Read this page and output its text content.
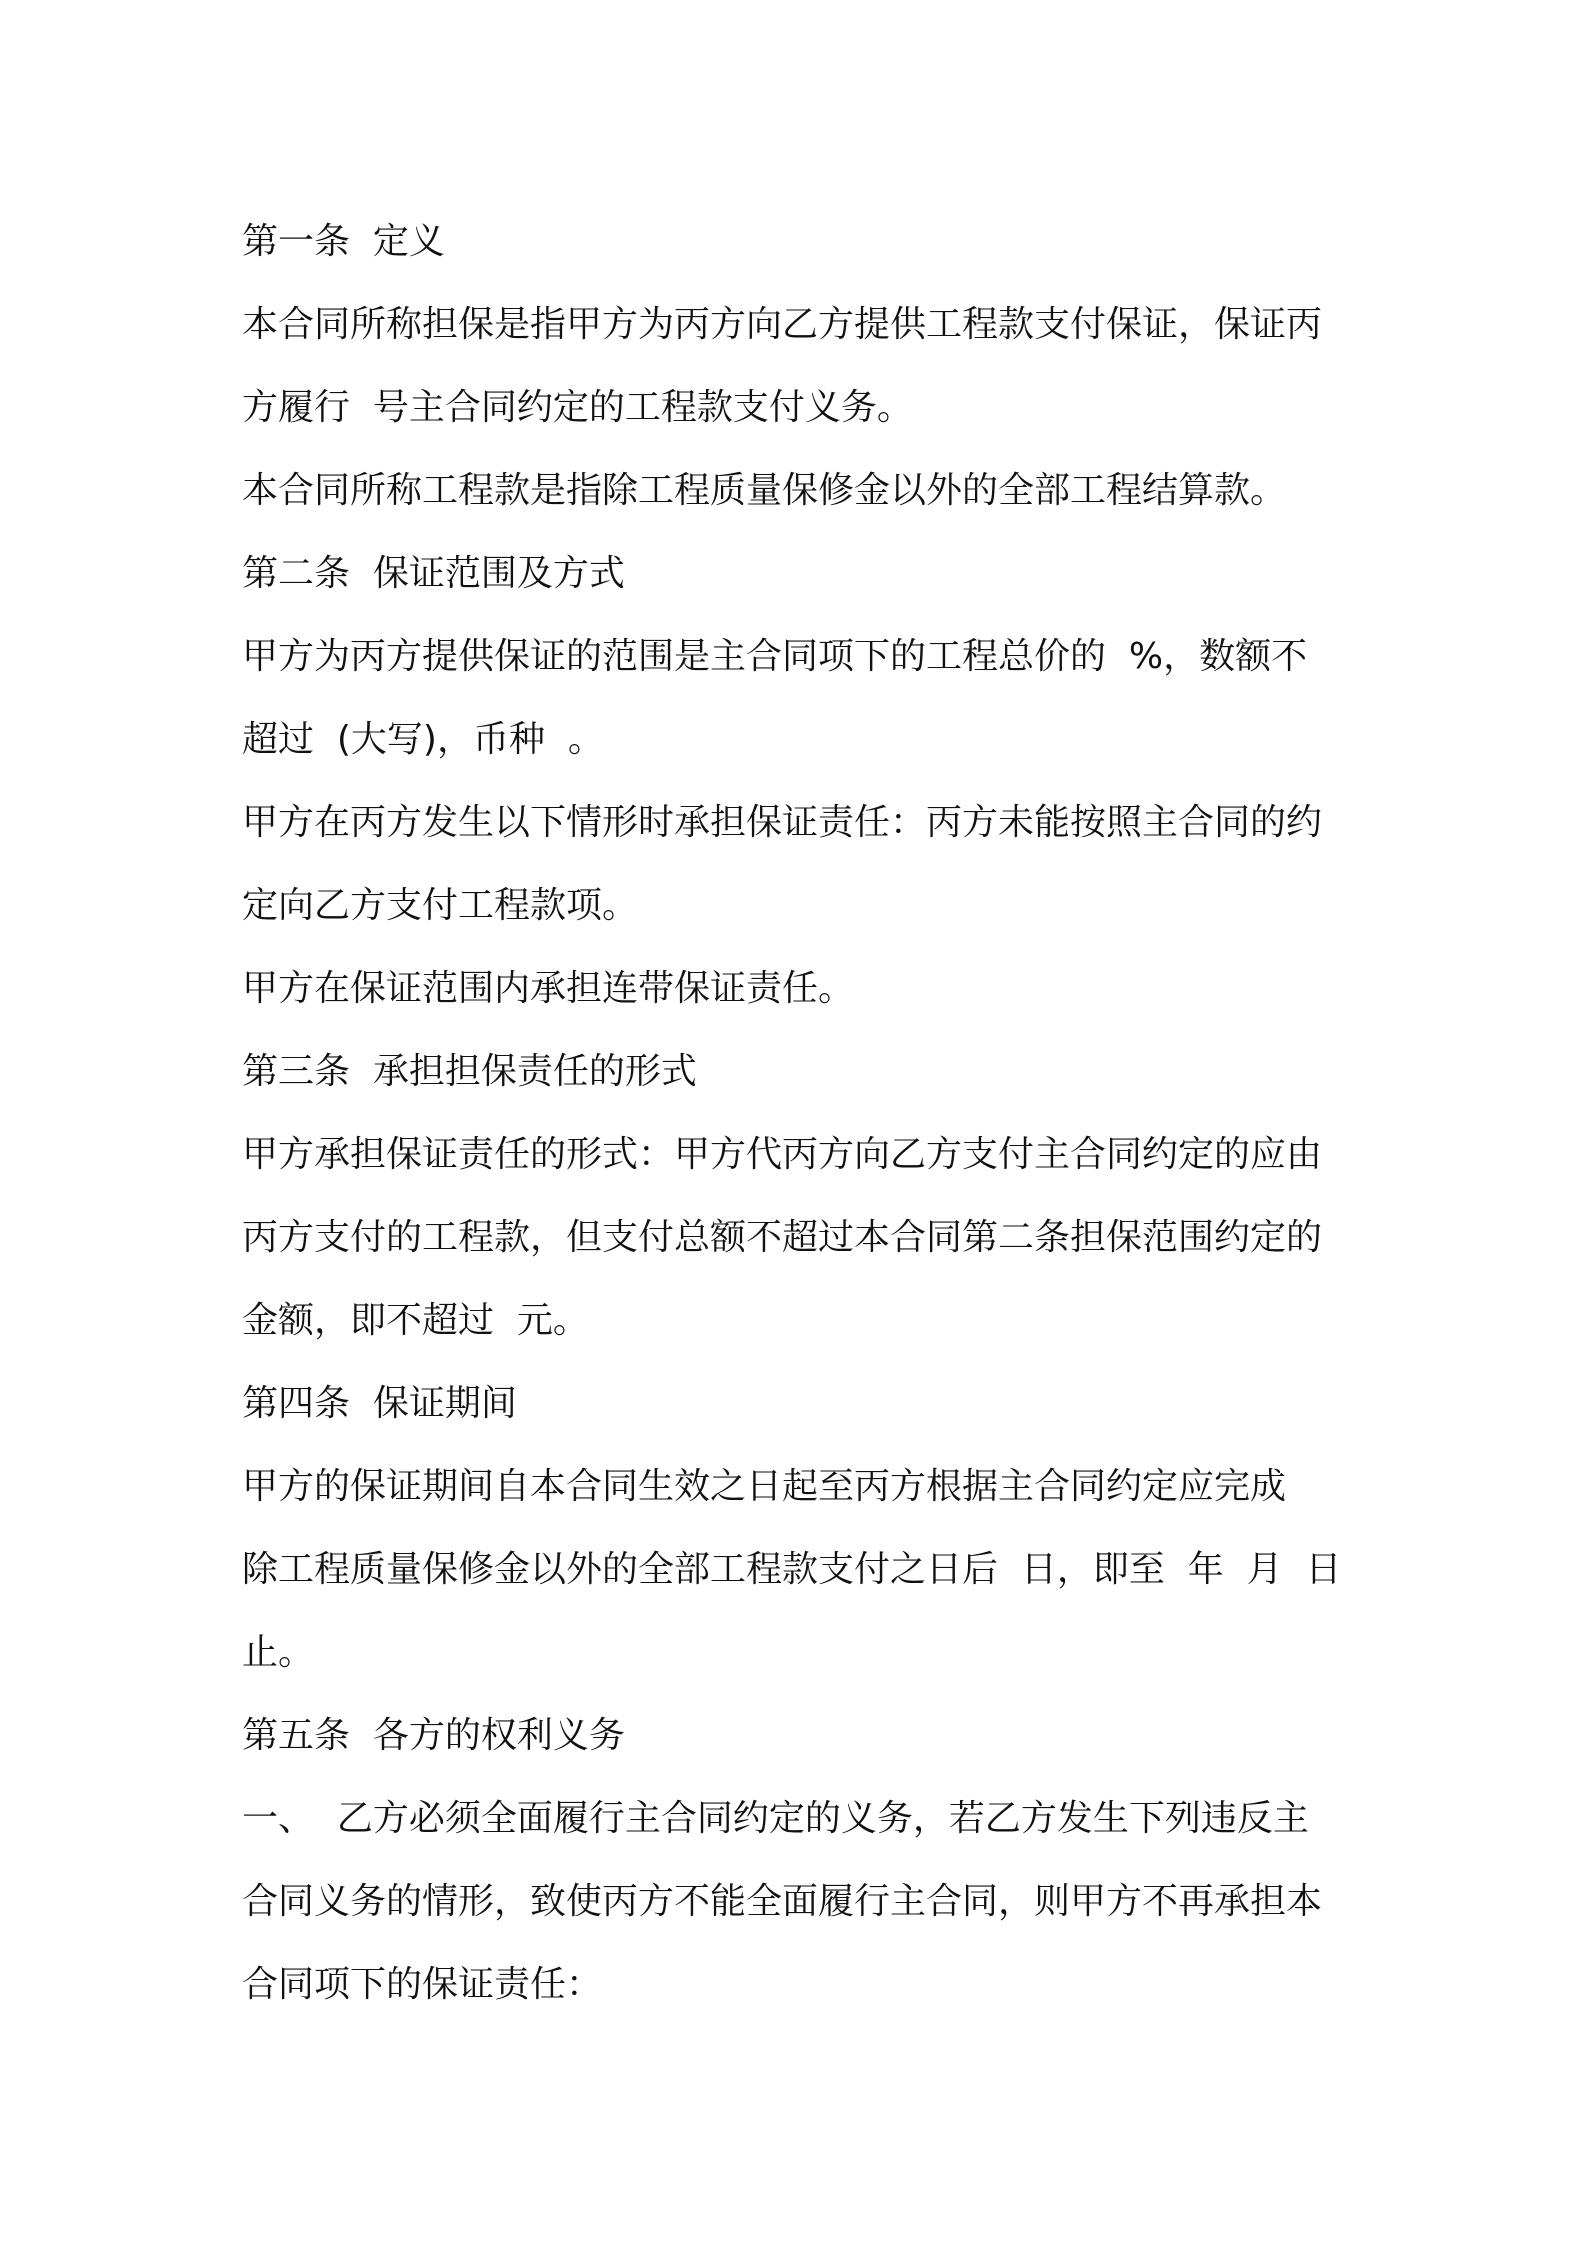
第一条  定义

本合同所称担保是指甲方为丙方向乙方提供工程款支付保证，保证丙

方履行  号主合同约定的工程款支付义务。

本合同所称工程款是指除工程质量保修金以外的全部工程结算款。

第二条  保证范围及方式

甲方为丙方提供保证的范围是主合同项下的工程总价的  %，数额不

超过  (大写)，币种  。

甲方在丙方发生以下情形时承担保证责任：丙方未能按照主合同的约

定向乙方支付工程款项。

甲方在保证范围内承担连带保证责任。

第三条  承担担保责任的形式

甲方承担保证责任的形式：甲方代丙方向乙方支付主合同约定的应由

丙方支付的工程款，但支付总额不超过本合同第二条担保范围约定的

金额，即不超过  元。

第四条  保证期间

甲方的保证期间自本合同生效之日起至丙方根据主合同约定应完成

除工程质量保修金以外的全部工程款支付之日后  日，即至  年  月  日

止。

第五条  各方的权利义务

一、  乙方必须全面履行主合同约定的义务，若乙方发生下列违反主

合同义务的情形，致使丙方不能全面履行主合同，则甲方不再承担本

合同项下的保证责任：
